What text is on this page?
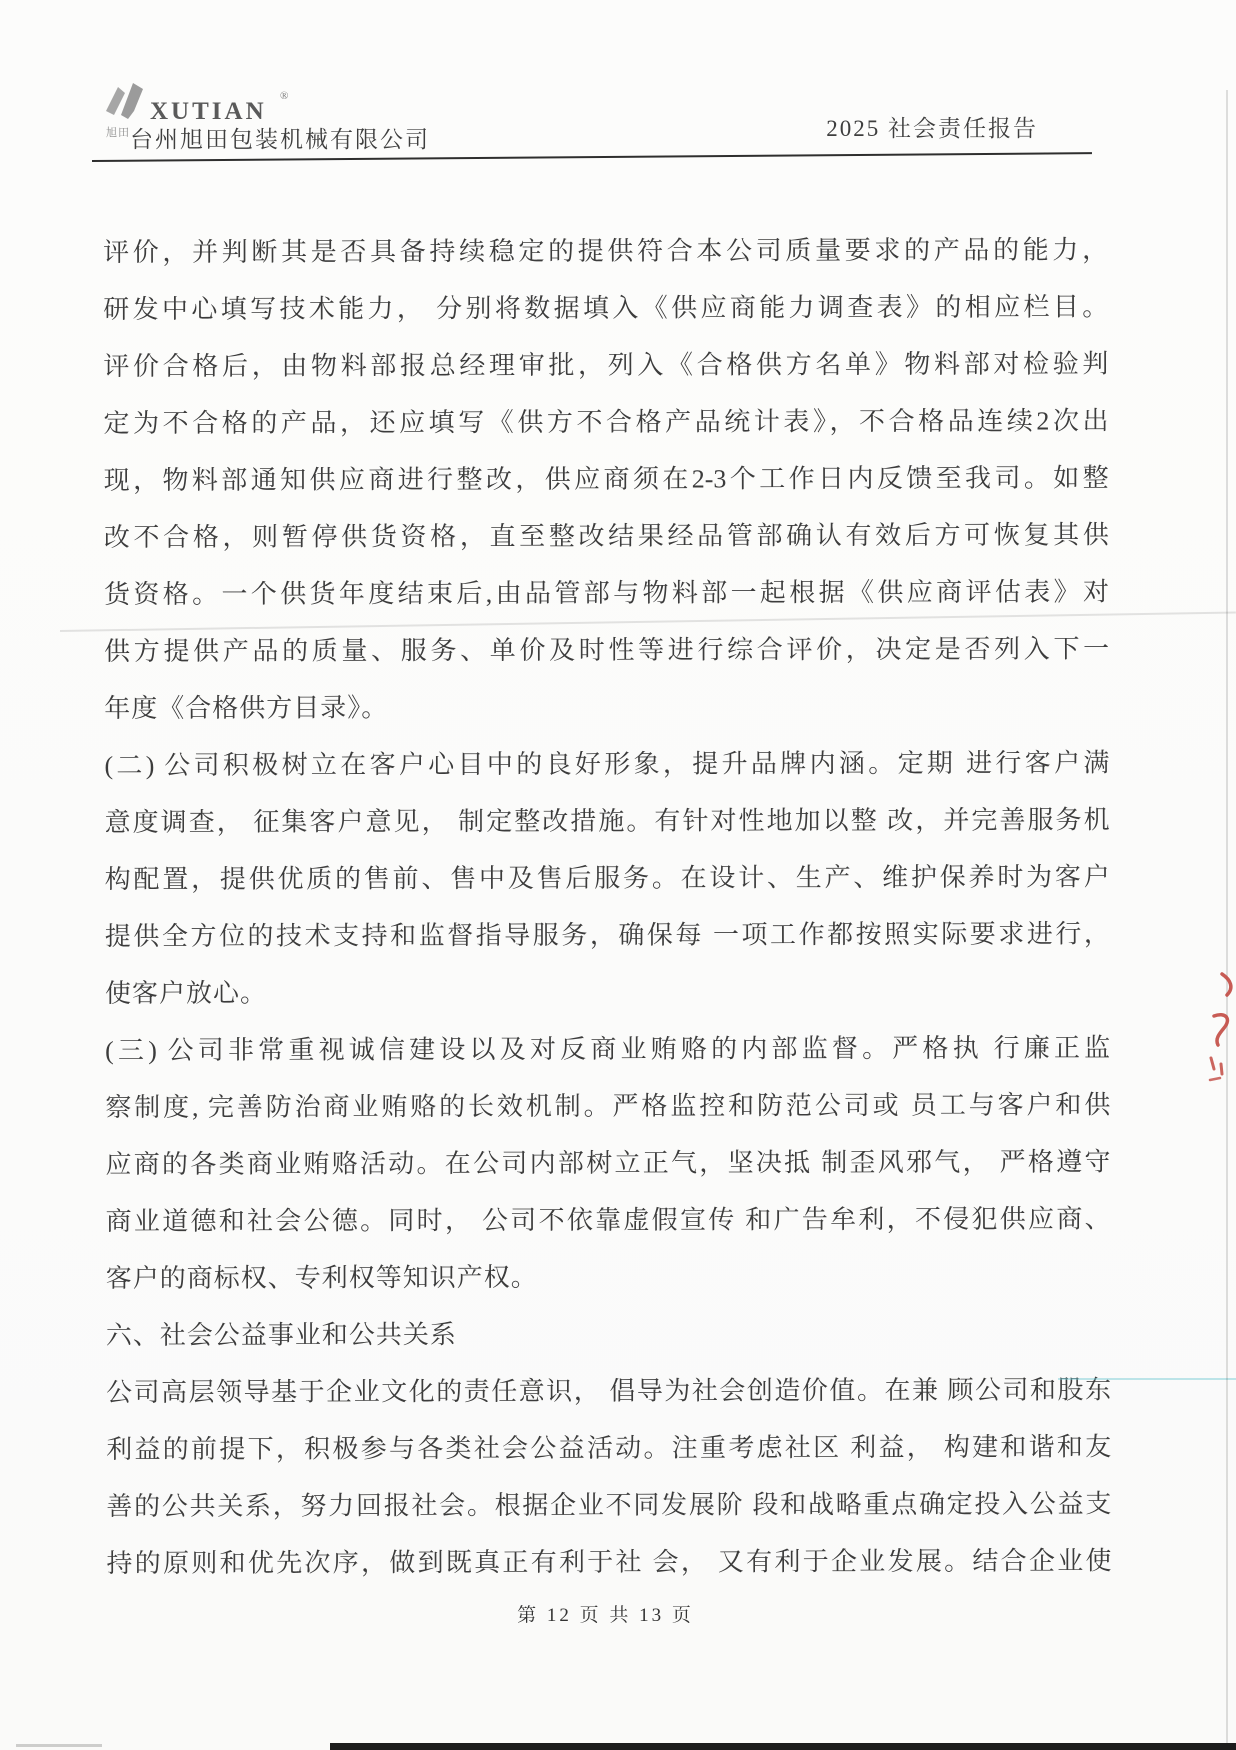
旭田
XUTIAN
®
台州旭田包装机械有限公司	2025 社会责任报告
评价，并判断其是否具备持续稳定的提供符合本公司质量要求的产品的能力，
研发中心填写技术能力， 分别将数据填入《供应商能力调查表》的相应栏目。
评价合格后，由物料部报总经理审批，列入《合格供方名单》物料部对检验判
定为不合格的产品，还应填写《供方不合格产品统计表》，不合格品连续2次出
现，物料部通知供应商进行整改，供应商须在2-3个工作日内反馈至我司。如整
改不合格，则暂停供货资格，直至整改结果经品管部确认有效后方可恢复其供
货资格。一个供货年度结束后,由品管部与物料部一起根据《供应商评估表》对
供方提供产品的质量、服务、单价及时性等进行综合评价，决定是否列入下一
年度《合格供方目录》。
(二) 公司积极树立在客户心目中的良好形象，提升品牌内涵。定期 进行客户满
意度调查， 征集客户意见， 制定整改措施。有针对性地加以整 改，并完善服务机
构配置，提供优质的售前、售中及售后服务。在设计、生产、维护保养时为客户
提供全方位的技术支持和监督指导服务，确保每 一项工作都按照实际要求进行，
使客户放心。
(三) 公司非常重视诚信建设以及对反商业贿赂的内部监督。严格执 行廉正监
察制度, 完善防治商业贿赂的长效机制。严格监控和防范公司或 员工与客户和供
应商的各类商业贿赂活动。在公司内部树立正气，坚决抵 制歪风邪气， 严格遵守
商业道德和社会公德。同时， 公司不依靠虚假宣传 和广告牟利，不侵犯供应商、
客户的商标权、专利权等知识产权。
六、社会公益事业和公共关系
公司高层领导基于企业文化的责任意识， 倡导为社会创造价值。在兼 顾公司和股东
利益的前提下，积极参与各类社会公益活动。注重考虑社区 利益， 构建和谐和友
善的公共关系，努力回报社会。根据企业不同发展阶 段和战略重点确定投入公益支
持的原则和优先次序，做到既真正有利于社 会， 又有利于企业发展。结合企业使
第 12 页 共 13 页
